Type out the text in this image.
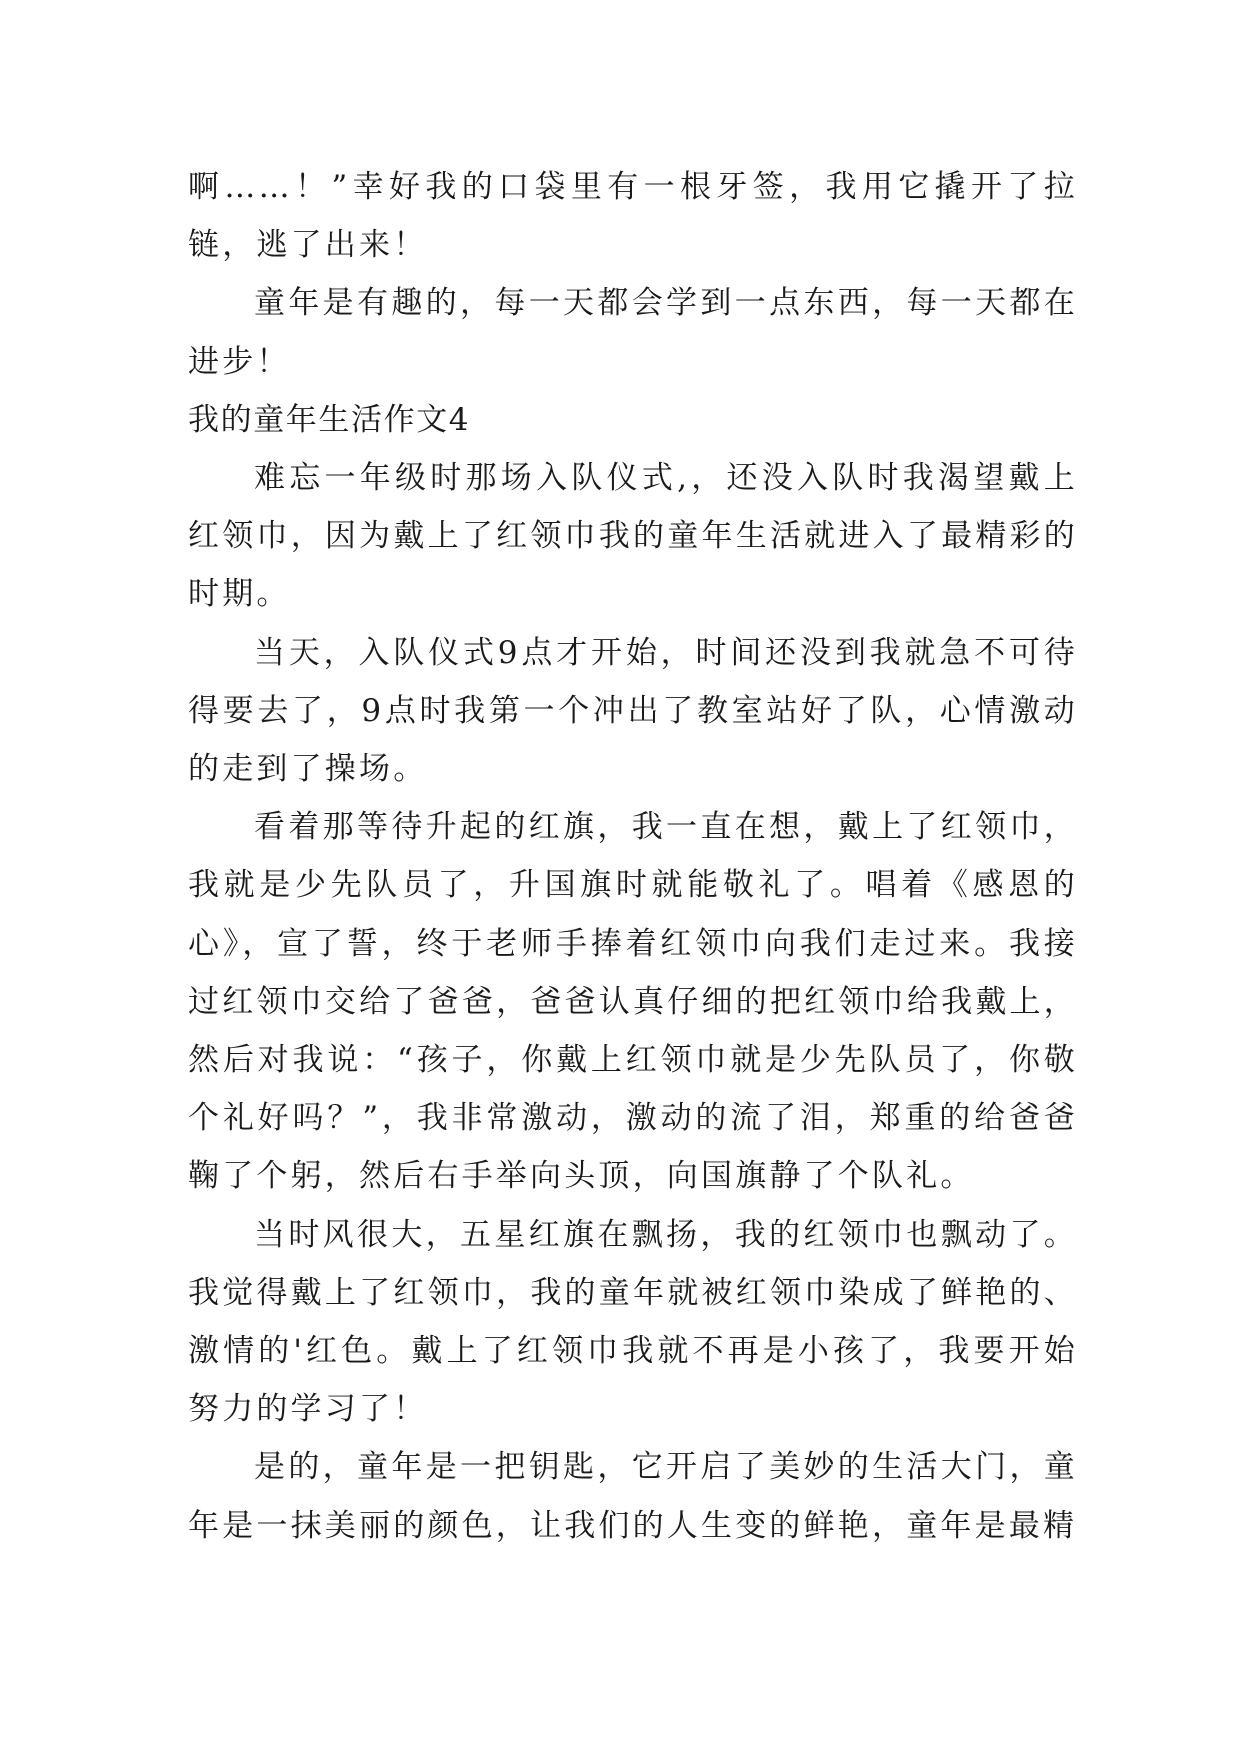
啊……！”幸好我的口袋里有一根牙签，我用它撬开了拉链，逃了出来！

童年是有趣的，每一天都会学到一点东西，每一天都在进步！

我的童年生活作文4

难忘一年级时那场入队仪式,，还没入队时我渴望戴上红领巾，因为戴上了红领巾我的童年生活就进入了最精彩的时期。

当天，入队仪式9点才开始，时间还没到我就急不可待得要去了，9点时我第一个冲出了教室站好了队，心情激动的走到了操场。

看着那等待升起的红旗，我一直在想，戴上了红领巾，我就是少先队员了，升国旗时就能敬礼了。唱着《感恩的心》，宣了誓，终于老师手捧着红领巾向我们走过来。我接过红领巾交给了爸爸，爸爸认真仔细的把红领巾给我戴上，然后对我说：“孩子，你戴上红领巾就是少先队员了，你敬个礼好吗？”，我非常激动，激动的流了泪，郑重的给爸爸鞠了个躬，然后右手举向头顶，向国旗静了个队礼。

当时风很大，五星红旗在飘扬，我的红领巾也飘动了。我觉得戴上了红领巾，我的童年就被红领巾染成了鲜艳的、激情的'红色。戴上了红领巾我就不再是小孩了，我要开始努力的学习了！

是的，童年是一把钥匙，它开启了美妙的生活大门，童年是一抹美丽的颜色，让我们的人生变的鲜艳，童年是最精
